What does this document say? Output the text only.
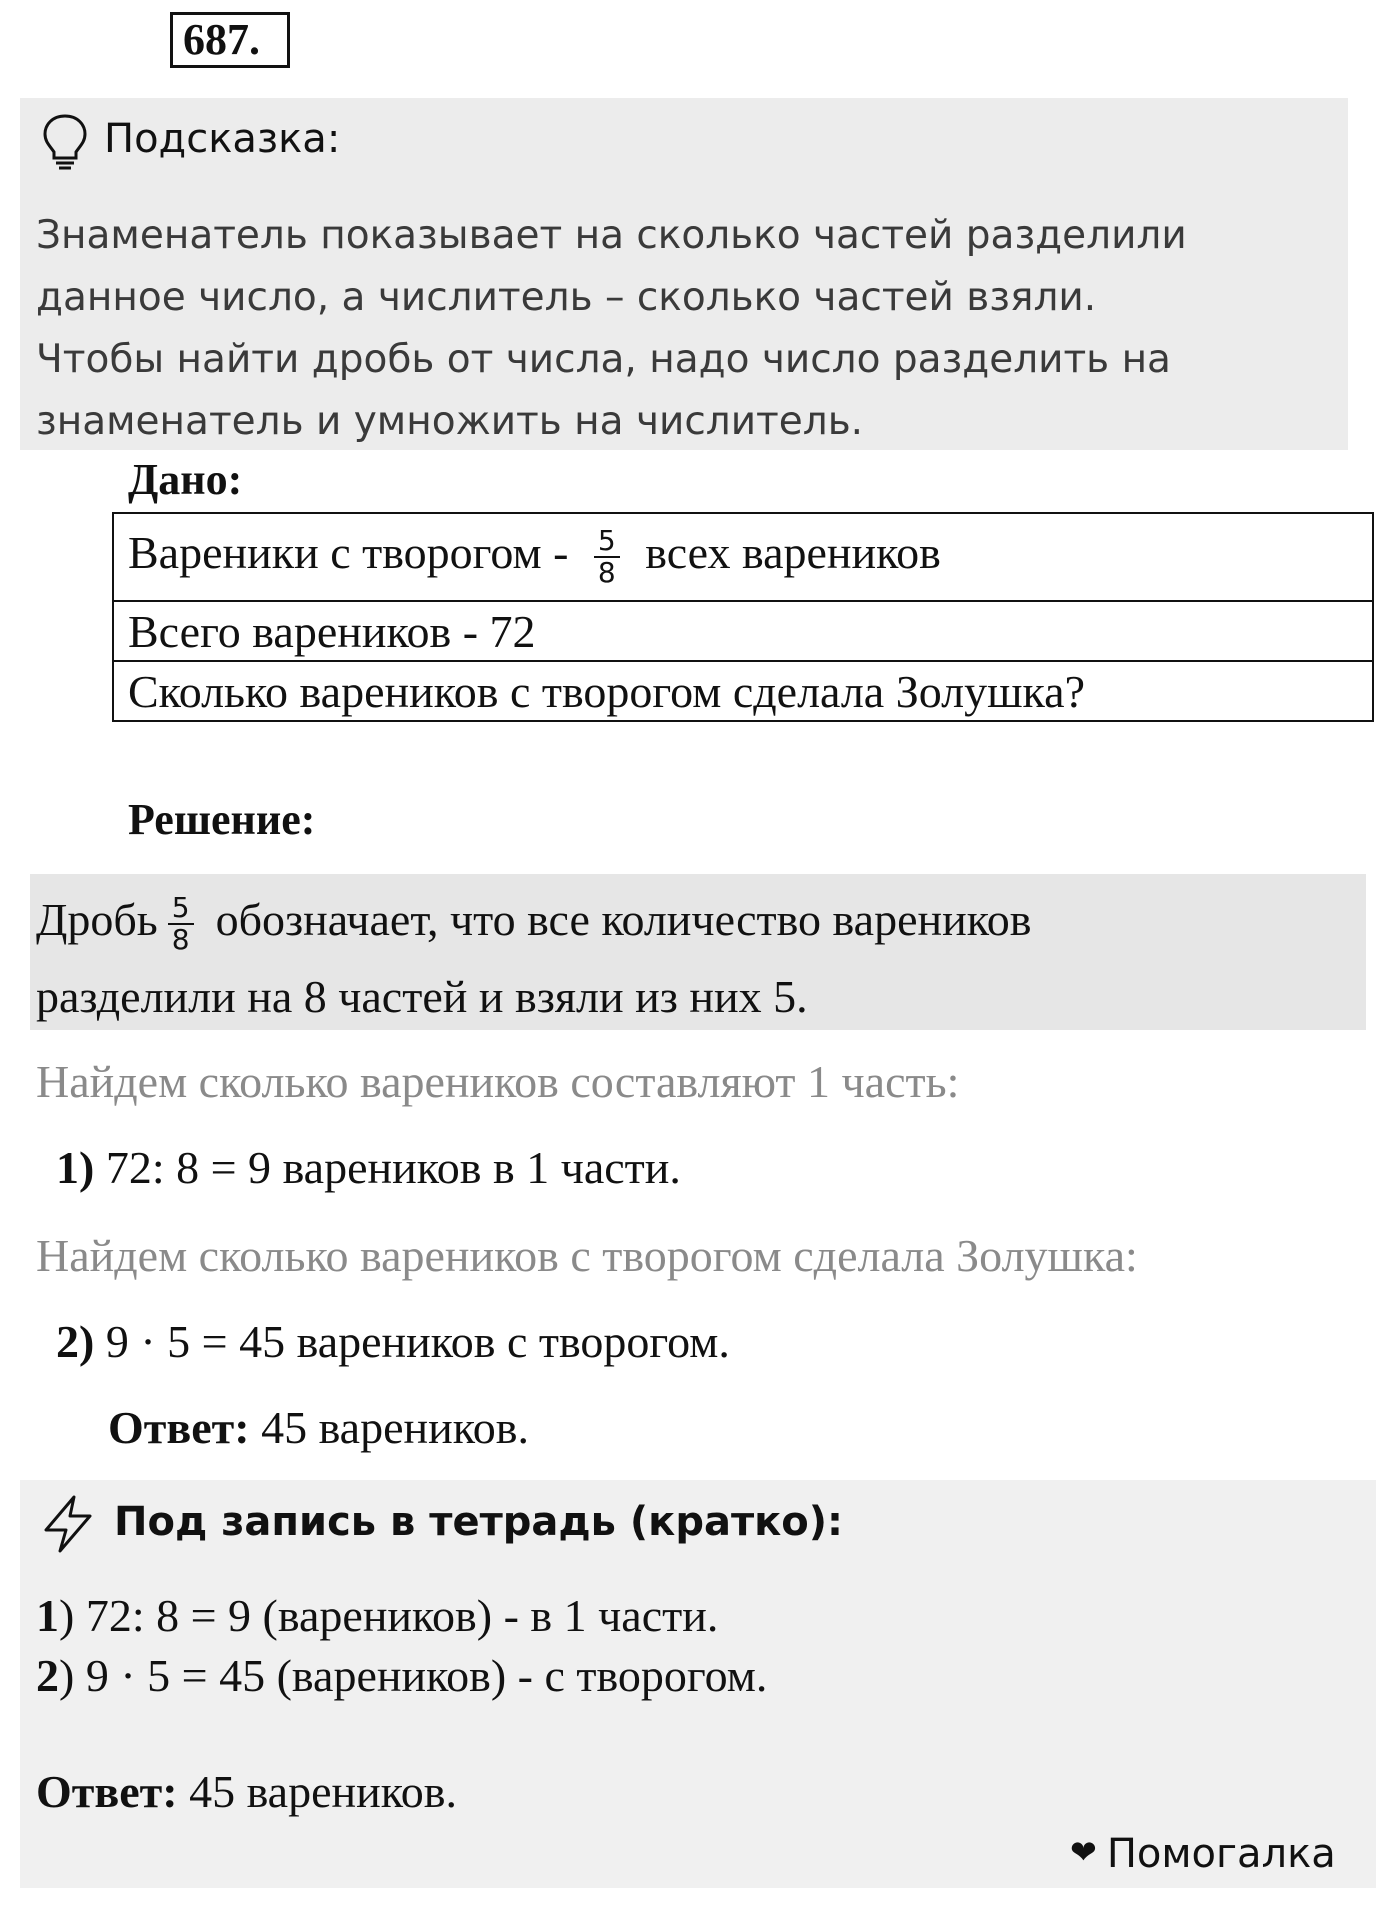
687.
Подсказка:
Знаменатель показывает на сколько частей разделили
данное число, а числитель – сколько частей взяли.
Чтобы найти дробь от числа, надо число разделить на
знаменатель и умножить на числитель.
Дано:
Вареники с творогом - $\frac{5}{8}$ всех вареников
Всего вареников - 72
Сколько вареников с творогом сделала Золушка?
Решение:
Дробь $\frac{5}{8}$ обозначает, что все количество вареников
разделили на 8 частей и взяли из них 5.
Найдем сколько вареников составляют 1 часть:
1) 72: 8 = 9 вареников в 1 части.
Найдем сколько вареников с творогом сделала Золушка:
2) 9 · 5 = 45 вареников с творогом.
Ответ: 45 вареников.
Под запись в тетрадь (кратко):
1) 72: 8 = 9 (вареников) - в 1 части.
2) 9 · 5 = 45 (вареников) - с творогом.
Ответ: 45 вареников.
❤ Помогалка
